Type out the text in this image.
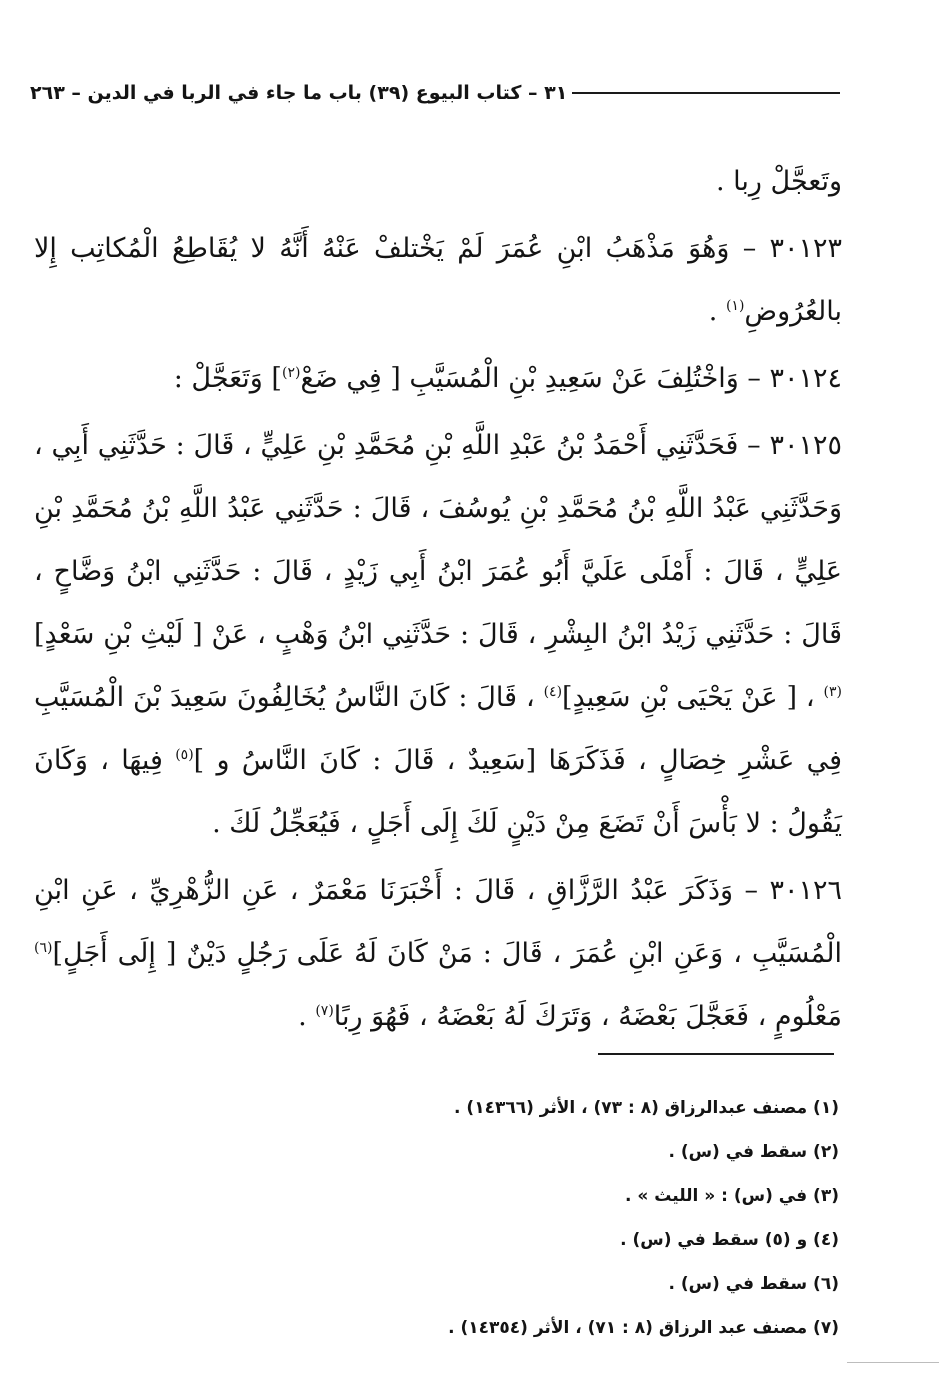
٣١ – كتاب البيوع (٣٩) باب ما جاء في الربا في الدين – ٢٦٣

وتَعجَّلْ رِبا .

٣٠١٢٣ – وَهُوَ مَذْهَبُ ابْنِ عُمَرَ لَمْ يَخْتلفْ عَنْهُ أَنَّهُ لا يُقَاطِعُ الْمُكاتِب إِلا بالعُرُوضِ$^{(١)}$ .

٣٠١٢٤ – وَاخْتُلِفَ عَنْ سَعِيدِ بْنِ الْمُسَيَّبِ [ فِي ضَعْ$^{(٢)}$] وَتَعَجَّلْ :

٣٠١٢٥ – فَحَدَّثَنِي أَحْمَدُ بْنُ عَبْدِ اللَّهِ بْنِ مُحَمَّدِ بْنِ عَلِيٍّ ، قَالَ : حَدَّثَنِي أَبِي ، وَحَدَّثَنِي عَبْدُ اللَّهِ بْنُ مُحَمَّدِ بْنِ يُوسُفَ ، قَالَ : حَدَّثَنِي عَبْدُ اللَّهِ بْنُ مُحَمَّدِ بْنِ عَلِيٍّ ، قَالَ : أَمْلَى عَلَيَّ أَبُو عُمَرَ ابْنُ أَبِي زَيْدٍ ، قَالَ : حَدَّثَنِي ابْنُ وَضَّاحٍ ، قَالَ : حَدَّثَنِي زَيْدُ ابْنُ البِشْرِ ، قَالَ : حَدَّثَنِي ابْنُ وَهْبٍ ، عَنْ [ لَيْثِ بْنِ سَعْدٍ]$^{(٣)}$ ، [ عَنْ يَحْيَى بْنِ سَعِيدٍ]$^{(٤)}$ ، قَالَ : كَانَ النَّاسُ يُخَالِفُونَ سَعِيدَ بْنَ الْمُسَيَّبِ فِي عَشْرِ خِصَالٍ ، فَذَكَرَهَا [سَعِيدٌ ، قَالَ : كَانَ النَّاسُ و ]$^{(٥)}$ فِيهَا ، وَكَانَ يَقُولُ : لا بَأْسَ أَنْ تَضَعَ مِنْ دَيْنٍ لَكَ إِلَى أَجَلٍ ، فَيُعَجِّلُ لَكَ .

٣٠١٢٦ – وَذَكَرَ عَبْدُ الرَّزَّاقِ ، قَالَ : أَخْبَرَنَا مَعْمَرٌ ، عَنِ الزُّهْرِيِّ ، عَنِ ابْنِ الْمُسَيَّبِ ، وَعَنِ ابْنِ عُمَرَ ، قَالَ : مَنْ كَانَ لَهُ عَلَى رَجُلٍ دَيْنٌ [ إِلَى أَجَلٍ]$^{(٦)}$ مَعْلُومٍ ، فَعَجَّلَ بَعْضَهُ ، وَتَرَكَ لَهُ بَعْضَهُ ، فَهُوَ رِبًا$^{(٧)}$ .

(١) مصنف عبدالرزاق (٨ : ٧٣) ، الأثر (١٤٣٦٦) .
(٢) سقط في (س) .
(٣) في (س) : « الليث » .
(٤) و (٥) سقط في (س) .
(٦) سقط في (س) .
(٧) مصنف عبد الرزاق (٨ : ٧١) ، الأثر (١٤٣٥٤) .
